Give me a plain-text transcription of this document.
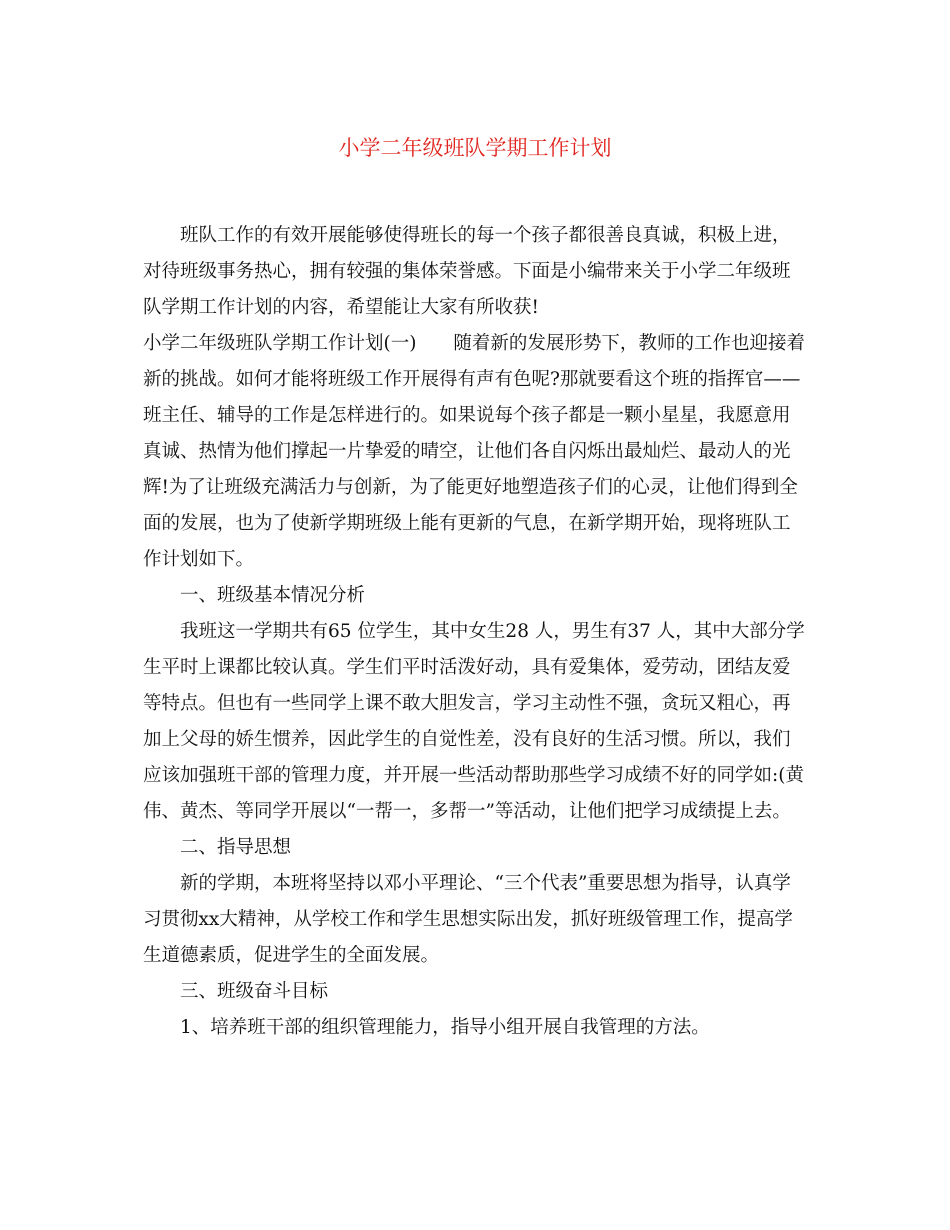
小学二年级班队学期工作计划

班队工作的有效开展能够使得班长的每一个孩子都很善良真诚，积极上进，对待班级事务热心，拥有较强的集体荣誉感。下面是小编带来关于小学二年级班队学期工作计划的内容，希望能让大家有所收获!

小学二年级班队学期工作计划(一)　　随着新的发展形势下，教师的工作也迎接着新的挑战。如何才能将班级工作开展得有声有色呢?那就要看这个班的指挥官——班主任、辅导的工作是怎样进行的。如果说每个孩子都是一颗小星星，我愿意用真诚、热情为他们撑起一片挚爱的晴空，让他们各自闪烁出最灿烂、最动人的光辉!为了让班级充满活力与创新，为了能更好地塑造孩子们的心灵，让他们得到全面的发展，也为了使新学期班级上能有更新的气息，在新学期开始，现将班队工作计划如下。

一、班级基本情况分析

我班这一学期共有65 位学生，其中女生28 人，男生有37 人，其中大部分学生平时上课都比较认真。学生们平时活泼好动，具有爱集体，爱劳动，团结友爱等特点。但也有一些同学上课不敢大胆发言，学习主动性不强，贪玩又粗心，再加上父母的娇生惯养，因此学生的自觉性差，没有良好的生活习惯。所以，我们应该加强班干部的管理力度，并开展一些活动帮助那些学习成绩不好的同学如:(黄伟、黄杰、等同学开展以“一帮一，多帮一”等活动，让他们把学习成绩提上去。

二、指导思想

新的学期，本班将坚持以邓小平理论、“三个代表”重要思想为指导，认真学习贯彻xx大精神，从学校工作和学生思想实际出发，抓好班级管理工作，提高学生道德素质，促进学生的全面发展。

三、班级奋斗目标

1、培养班干部的组织管理能力，指导小组开展自我管理的方法。
